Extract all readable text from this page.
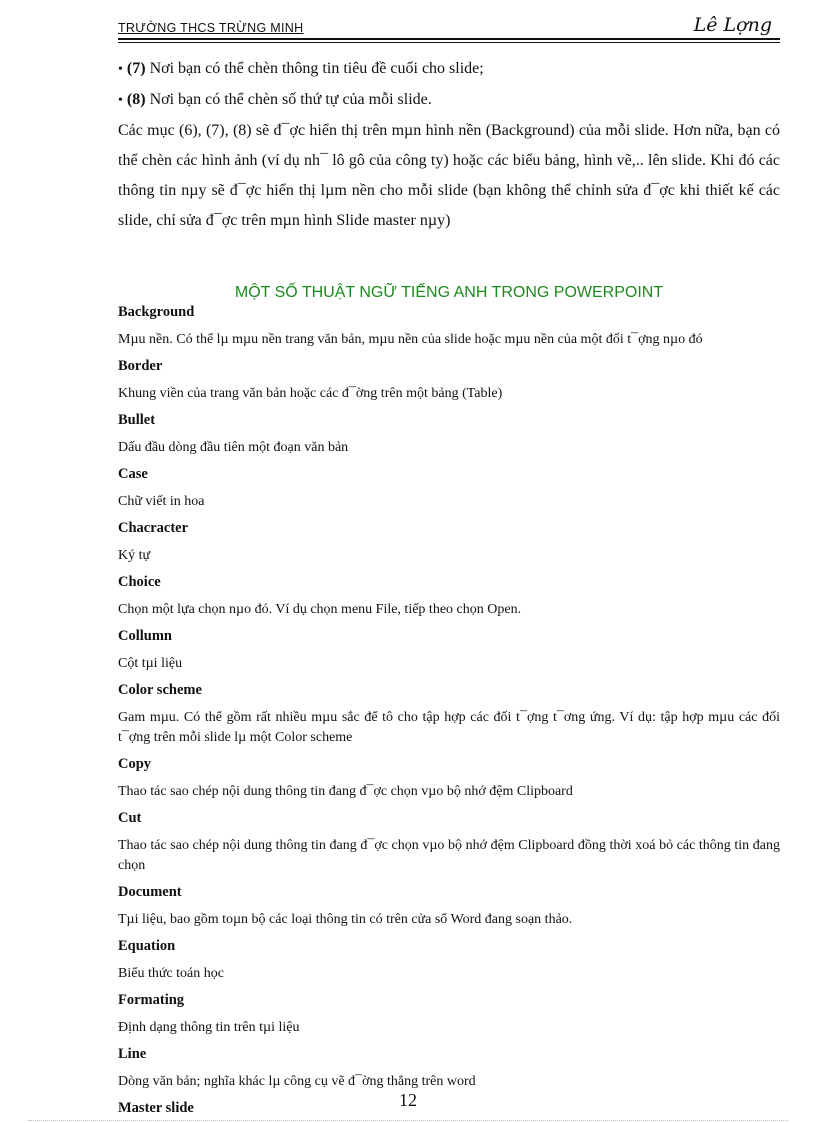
TRƯỜNG THCS TRỪNG MINH	Lê Lợng
• (7) Nơi bạn có thể chèn thông tin tiêu đề cuối cho slide;
• (8) Nơi bạn có thể chèn số thứ tự của mỗi slide.
Các mục (6), (7), (8) sẽ đ¯ợc hiển thị trên mµn hình nền (Background) của mỗi slide. Hơn nữa, bạn có thể chèn các hình ảnh (ví dụ nh¯ lô gô của công ty) hoặc các biểu bảng, hình vẽ,.. lên slide. Khi đó các thông tin nµy sẽ đ¯ợc hiển thị lµm nền cho mỗi slide (bạn không thể chỉnh sửa đ¯ợc khi thiết kế các slide, chỉ sửa đ¯ợc trên mµn hình Slide master nµy)
MỘT SỐ THUẬT NGỮ TIẾNG ANH TRONG POWERPOINT
Background
Mµu nền. Có thể lµ mµu nền trang văn bản, mµu nền của slide hoặc mµu nền của một đối t¯ợng nµo đó
Border
Khung viền của trang văn bản hoặc các đ¯ờng trên một bảng (Table)
Bullet
Dấu đầu dòng đầu tiên một đoạn văn bản
Case
Chữ viết in hoa
Chacracter
Ký tự
Choice
Chọn một lựa chọn nµo đó. Ví dụ chọn menu File, tiếp theo chọn Open.
Collumn
Cột tµi liệu
Color scheme
Gam mµu. Có thể gồm rất nhiều mµu sắc để tô cho tập hợp các đối t¯ợng t¯ơng ứng. Ví dụ: tập hợp mµu các đối t¯ợng trên mỗi slide lµ một Color scheme
Copy
Thao tác sao chép nội dung thông tin đang đ¯ợc chọn vµo bộ nhớ đệm Clipboard
Cut
Thao tác sao chép nội dung thông tin đang đ¯ợc chọn vµo bộ nhớ đệm Clipboard đồng thời xoá bỏ các thông tin đang chọn
Document
Tµi liệu, bao gồm toµn bộ các loại thông tin có trên cửa sổ Word đang soạn thảo.
Equation
Biểu thức toán học
Formating
Định dạng thông tin trên tµi liệu
Line
Dòng văn bản; nghĩa khác lµ công cụ vẽ đ¯ờng thẳng trên word
Master slide	12
